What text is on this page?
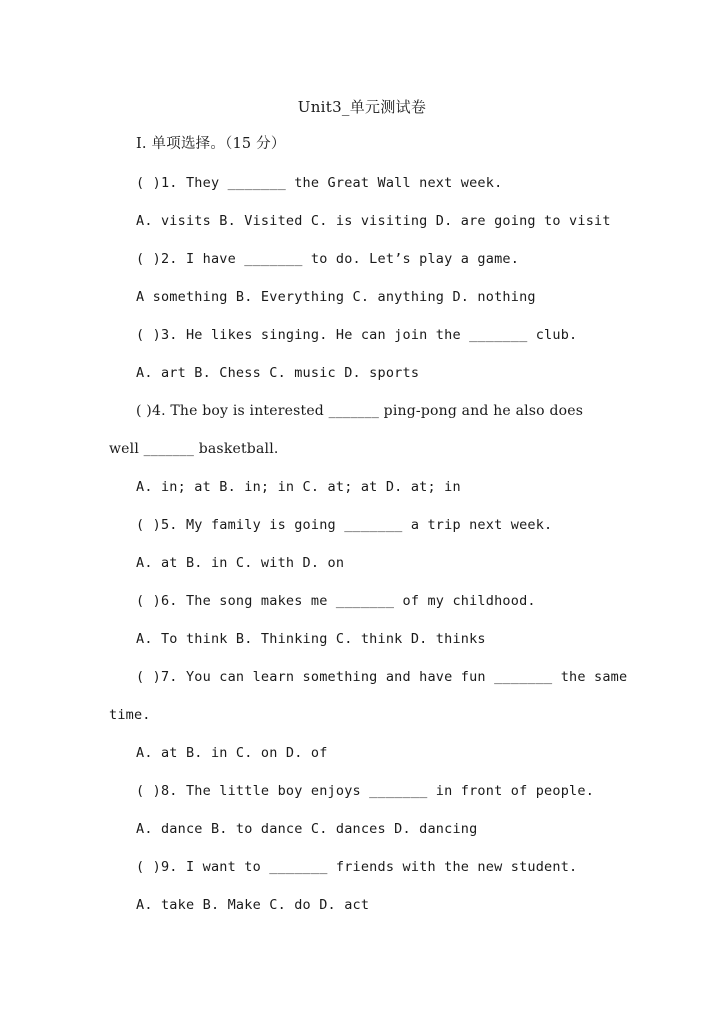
Unit3_单元测试卷
Ⅰ. 单项选择。（15 分）
( )1. They _______ the Great Wall next week.
A. visits B. Visited C. is visiting D. are going to visit
( )2. I have _______ to do. Let’s play a game.
A something B. Everything C. anything D. nothing
( )3. He likes singing. He can join the _______ club.
A. art B. Chess C. music D. sports
( )4. The boy is interested _______ ping-pong and he also does
well _______ basketball.
A. in; at B. in; in C. at; at D. at; in
( )5. My family is going _______ a trip next week.
A. at B. in C. with D. on
( )6. The song makes me _______ of my childhood.
A. To think B. Thinking C. think D. thinks
( )7. You can learn something and have fun _______ the same
time.
A. at B. in C. on D. of
( )8. The little boy enjoys _______ in front of people.
A. dance B. to dance C. dances D. dancing
( )9. I want to _______ friends with the new student.
A. take B. Make C. do D. act
